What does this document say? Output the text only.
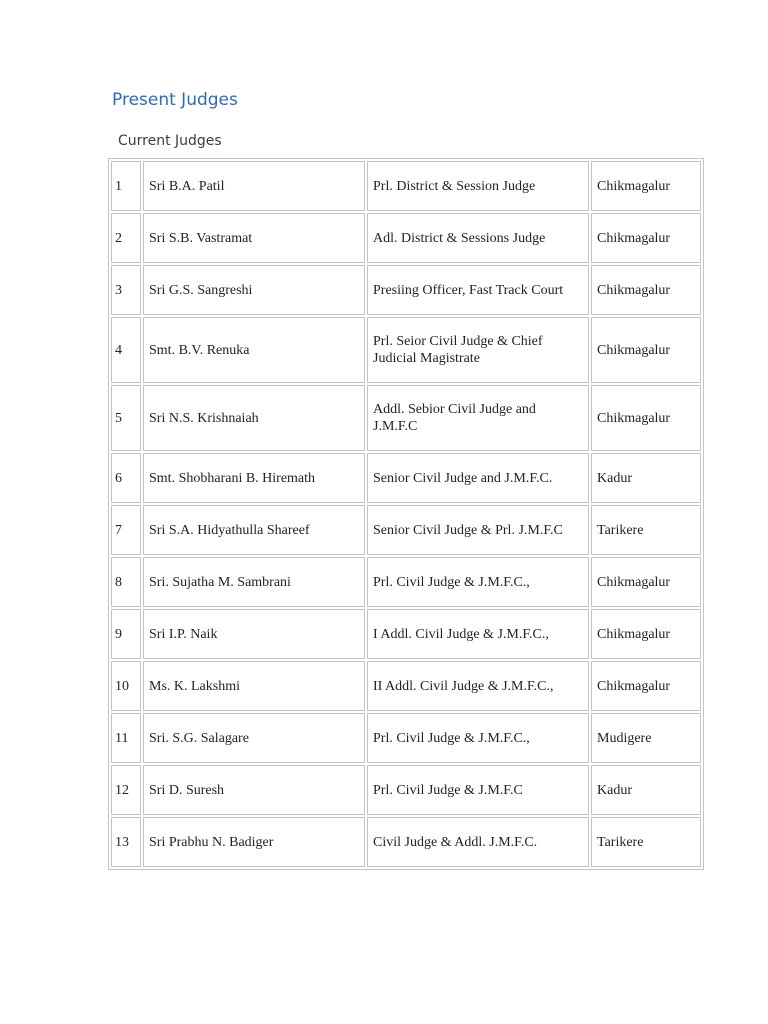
Present Judges
Current Judges
1	Sri B.A. Patil	Prl. District & Session Judge	Chikmagalur
2	Sri S.B. Vastramat	Adl. District & Sessions Judge	Chikmagalur
3	Sri G.S. Sangreshi	Presiing Officer, Fast Track Court	Chikmagalur
4	Smt. B.V. Renuka	Prl. Seior Civil Judge & Chief Judicial Magistrate	Chikmagalur
5	Sri N.S. Krishnaiah	Addl. Sebior Civil Judge and J.M.F.C	Chikmagalur
6	Smt. Shobharani B. Hiremath	Senior Civil Judge and J.M.F.C.	Kadur
7	Sri S.A. Hidyathulla Shareef	Senior Civil Judge & Prl. J.M.F.C	Tarikere
8	Sri. Sujatha M. Sambrani	Prl. Civil Judge & J.M.F.C.,	Chikmagalur
9	Sri I.P. Naik	I Addl. Civil Judge & J.M.F.C.,	Chikmagalur
10	Ms. K. Lakshmi	II Addl. Civil Judge & J.M.F.C.,	Chikmagalur
11	Sri. S.G. Salagare	Prl. Civil Judge & J.M.F.C.,	Mudigere
12	Sri D. Suresh	Prl. Civil Judge & J.M.F.C	Kadur
13	Sri Prabhu N. Badiger	Civil Judge & Addl. J.M.F.C.	Tarikere
